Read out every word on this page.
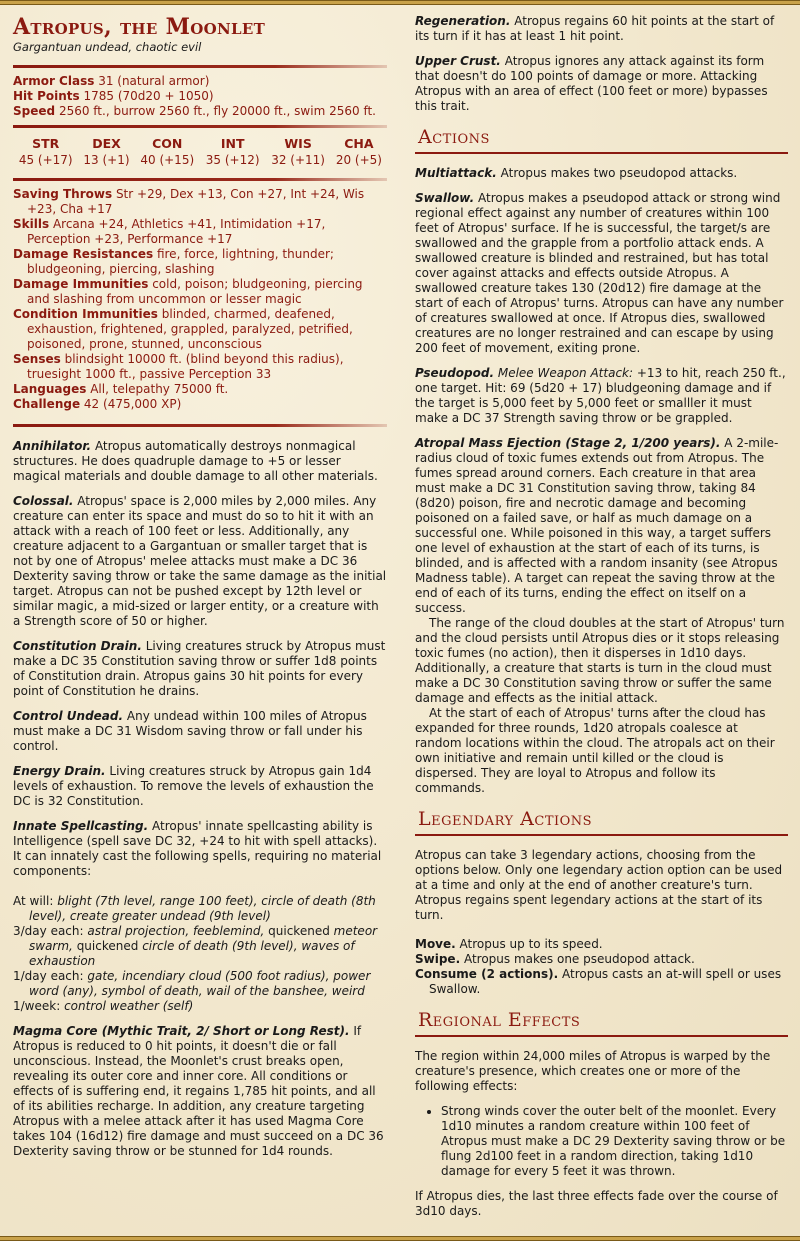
Atropus, the Moonlet
Gargantuan undead, chaotic evil
Armor Class 31 (natural armor)
Hit Points 1785 (70d20 + 1050)
Speed 2560 ft., burrow 2560 ft., fly 20000 ft., swim 2560 ft.
STR	DEX	CON	INT	WIS	CHA
45 (+17)	13 (+1)	40 (+15)	35 (+12)	32 (+11)	20 (+5)
Saving Throws Str +29, Dex +13, Con +27, Int +24, Wis +23, Cha +17
Skills Arcana +24, Athletics +41, Intimidation +17, Perception +23, Performance +17
Damage Resistances fire, force, lightning, thunder; bludgeoning, piercing, slashing
Damage Immunities cold, poison; bludgeoning, piercing and slashing from uncommon or lesser magic
Condition Immunities blinded, charmed, deafened, exhaustion, frightened, grappled, paralyzed, petrified, poisoned, prone, stunned, unconscious
Senses blindsight 10000 ft. (blind beyond this radius), truesight 1000 ft., passive Perception 33
Languages All, telepathy 75000 ft.
Challenge 42 (475,000 XP)

Annihilator. Atropus automatically destroys nonmagical structures. He does quadruple damage to +5 or lesser magical materials and double damage to all other materials.

Colossal. Atropus' space is 2,000 miles by 2,000 miles. Any creature can enter its space and must do so to hit it with an attack with a reach of 100 feet or less. Additionally, any creature adjacent to a Gargantuan or smaller target that is not by one of Atropus' melee attacks must make a DC 36 Dexterity saving throw or take the same damage as the initial target. Atropus can not be pushed except by 12th level or similar magic, a mid-sized or larger entity, or a creature with a Strength score of 50 or higher.

Constitution Drain. Living creatures struck by Atropus must make a DC 35 Constitution saving throw or suffer 1d8 points of Constitution drain. Atropus gains 30 hit points for every point of Constitution he drains.

Control Undead. Any undead within 100 miles of Atropus must make a DC 31 Wisdom saving throw or fall under his control.

Energy Drain. Living creatures struck by Atropus gain 1d4 levels of exhaustion. To remove the levels of exhaustion the DC is 32 Constitution.

Innate Spellcasting. Atropus' innate spellcasting ability is Intelligence (spell save DC 32, +24 to hit with spell attacks). It can innately cast the following spells, requiring no material components:

At will: blight (7th level, range 100 feet), circle of death (8th level), create greater undead (9th level)
3/day each: astral projection, feeblemind, quickened meteor swarm, quickened circle of death (9th level), waves of exhaustion
1/day each: gate, incendiary cloud (500 foot radius), power word (any), symbol of death, wail of the banshee, weird
1/week: control weather (self)

Magma Core (Mythic Trait, 2/ Short or Long Rest). If Atropus is reduced to 0 hit points, it doesn't die or fall unconscious. Instead, the Moonlet's crust breaks open, revealing its outer core and inner core. All conditions or effects of is suffering end, it regains 1,785 hit points, and all of its abilities recharge. In addition, any creature targeting Atropus with a melee attack after it has used Magma Core takes 104 (16d12) fire damage and must succeed on a DC 36 Dexterity saving throw or be stunned for 1d4 rounds.

Regeneration. Atropus regains 60 hit points at the start of its turn if it has at least 1 hit point.

Upper Crust. Atropus ignores any attack against its form that doesn't do 100 points of damage or more. Attacking Atropus with an area of effect (100 feet or more) bypasses this trait.

Actions

Multiattack. Atropus makes two pseudopod attacks.

Swallow. Atropus makes a pseudopod attack or strong wind regional effect against any number of creatures within 100 feet of Atropus' surface. If he is successful, the target/s are swallowed and the grapple from a portfolio attack ends. A swallowed creature is blinded and restrained, but has total cover against attacks and effects outside Atropus. A swallowed creature takes 130 (20d12) fire damage at the start of each of Atropus' turns. Atropus can have any number of creatures swallowed at once. If Atropus dies, swallowed creatures are no longer restrained and can escape by using 200 feet of movement, exiting prone.

Pseudopod. Melee Weapon Attack: +13 to hit, reach 250 ft., one target. Hit: 69 (5d20 + 17) bludgeoning damage and if the target is 5,000 feet by 5,000 feet or smalller it must make a DC 37 Strength saving throw or be grappled.

Atropal Mass Ejection (Stage 2, 1/200 years). A 2-mile-radius cloud of toxic fumes extends out from Atropus. The fumes spread around corners. Each creature in that area must make a DC 31 Constitution saving throw, taking 84 (8d20) poison, fire and necrotic damage and becoming poisoned on a failed save, or half as much damage on a successful one. While poisoned in this way, a target suffers one level of exhaustion at the start of each of its turns, is blinded, and is affected with a random insanity (see Atropus Madness table). A target can repeat the saving throw at the end of each of its turns, ending the effect on itself on a success.

The range of the cloud doubles at the start of Atropus' turn and the cloud persists until Atropus dies or it stops releasing toxic fumes (no action), then it disperses in 1d10 days. Additionally, a creature that starts is turn in the cloud must make a DC 30 Constitution saving throw or suffer the same damage and effects as the initial attack.

At the start of each of Atropus' turns after the cloud has expanded for three rounds, 1d20 atropals coalesce at random locations within the cloud. The atropals act on their own initiative and remain until killed or the cloud is dispersed. They are loyal to Atropus and follow its commands.

Legendary Actions

Atropus can take 3 legendary actions, choosing from the options below. Only one legendary action option can be used at a time and only at the end of another creature's turn. Atropus regains spent legendary actions at the start of its turn.

Move. Atropus up to its speed.
Swipe. Atropus makes one pseudopod attack.
Consume (2 actions). Atropus casts an at-will spell or uses Swallow.
Regional Effects

The region within 24,000 miles of Atropus is warped by the creature's presence, which creates one or more of the following effects:

• Strong winds cover the outer belt of the moonlet. Every 1d10 minutes a random creature within 100 feet of Atropus must make a DC 29 Dexterity saving throw or be flung 2d100 feet in a random direction, taking 1d10 damage for every 5 feet it was thrown.

If Atropus dies, the last three effects fade over the course of 3d10 days.
